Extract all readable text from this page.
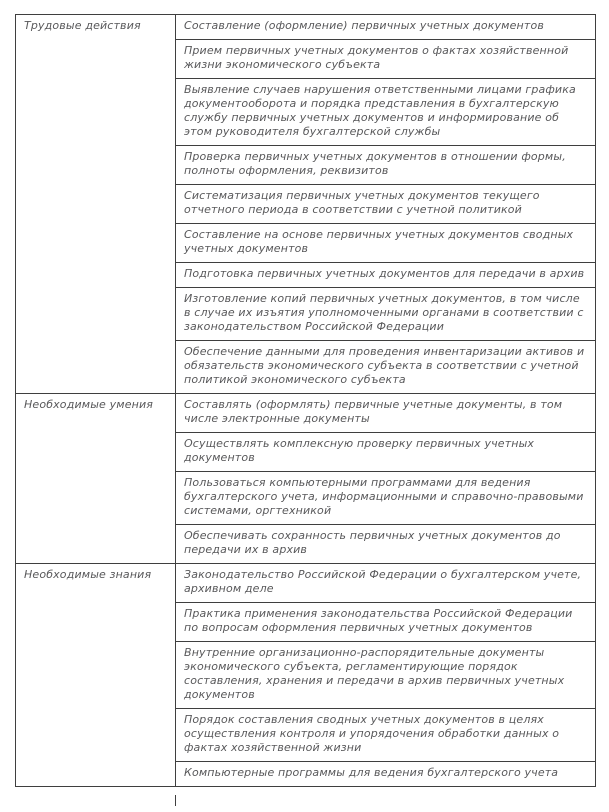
Трудовые действия	Составление (оформление) первичных учетных документов
	Прием первичных учетных документов о фактах хозяйственной жизни экономического субъекта
	Выявление случаев нарушения ответственными лицами графика документооборота и порядка представления в бухгалтерскую службу первичных учетных документов и информирование об этом руководителя бухгалтерской службы
	Проверка первичных учетных документов в отношении формы, полноты оформления, реквизитов
	Систематизация первичных учетных документов текущего отчетного периода в соответствии с учетной политикой
	Составление на основе первичных учетных документов сводных учетных документов
	Подготовка первичных учетных документов для передачи в архив
	Изготовление копий первичных учетных документов, в том числе в случае их изъятия уполномоченными органами в соответствии с законодательством Российской Федерации
	Обеспечение данными для проведения инвентаризации активов и обязательств экономического субъекта в соответствии с учетной политикой экономического субъекта
Необходимые умения	Составлять (оформлять) первичные учетные документы, в том числе электронные документы
	Осуществлять комплексную проверку первичных учетных документов
	Пользоваться компьютерными программами для ведения бухгалтерского учета, информационными и справочно-правовыми системами, оргтехникой
	Обеспечивать сохранность первичных учетных документов до передачи их в архив
Необходимые знания	Законодательство Российской Федерации о бухгалтерском учете, архивном деле
	Практика применения законодательства Российской Федерации по вопросам оформления первичных учетных документов
	Внутренние организационно-распорядительные документы экономического субъекта, регламентирующие порядок составления, хранения и передачи в архив первичных учетных документов
	Порядок составления сводных учетных документов в целях осуществления контроля и упорядочения обработки данных о фактах хозяйственной жизни
	Компьютерные программы для ведения бухгалтерского учета
